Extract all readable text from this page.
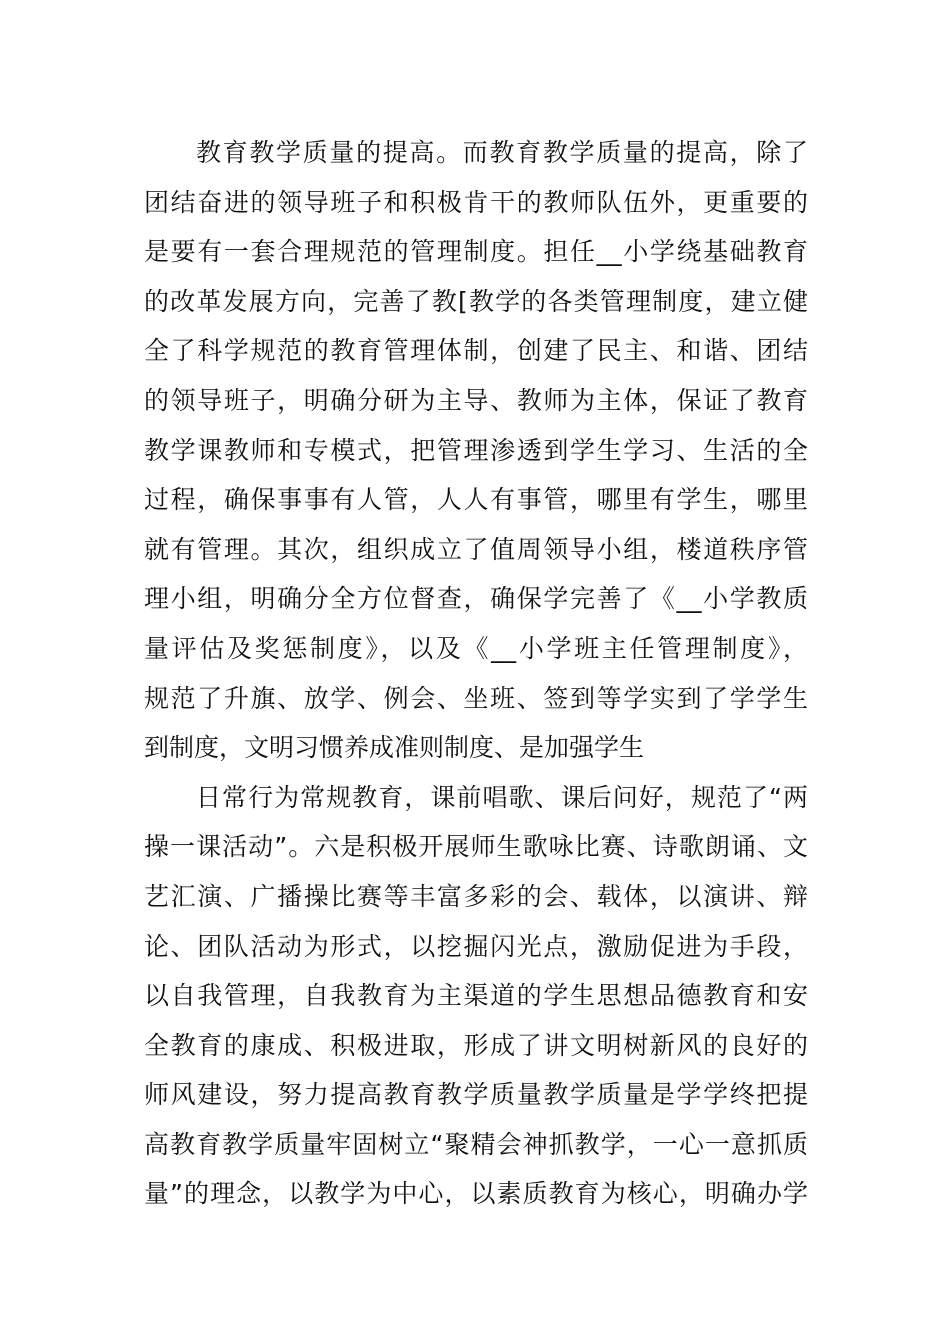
教育教学质量的提高。而教育教学质量的提高，除了
团结奋进的领导班子和积极肯干的教师队伍外，更重要的
是要有一套合理规范的管理制度。担任__小学绕基础教育
的改革发展方向，完善了教[教学的各类管理制度，建立健
全了科学规范的教育管理体制，创建了民主、和谐、团结
的领导班子，明确分研为主导、教师为主体，保证了教育
教学课教师和专模式，把管理渗透到学生学习、生活的全
过程，确保事事有人管，人人有事管，哪里有学生，哪里
就有管理。其次，组织成立了值周领导小组，楼道秩序管
理小组，明确分全方位督查，确保学完善了《__小学教质
量评估及奖惩制度》，以及《__小学班主任管理制度》，
规范了升旗、放学、例会、坐班、签到等学实到了学学生
到制度，文明习惯养成准则制度、是加强学生
日常行为常规教育，课前唱歌、课后问好，规范了“两
操一课活动”。六是积极开展师生歌咏比赛、诗歌朗诵、文
艺汇演、广播操比赛等丰富多彩的会、载体，以演讲、辩
论、团队活动为形式，以挖掘闪光点，激励促进为手段，
以自我管理，自我教育为主渠道的学生思想品德教育和安
全教育的康成、积极进取，形成了讲文明树新风的良好的
师风建设，努力提高教育教学质量教学质量是学学终把提
高教育教学质量牢固树立“聚精会神抓教学，一心一意抓质
量”的理念，以教学为中心，以素质教育为核心，明确办学
